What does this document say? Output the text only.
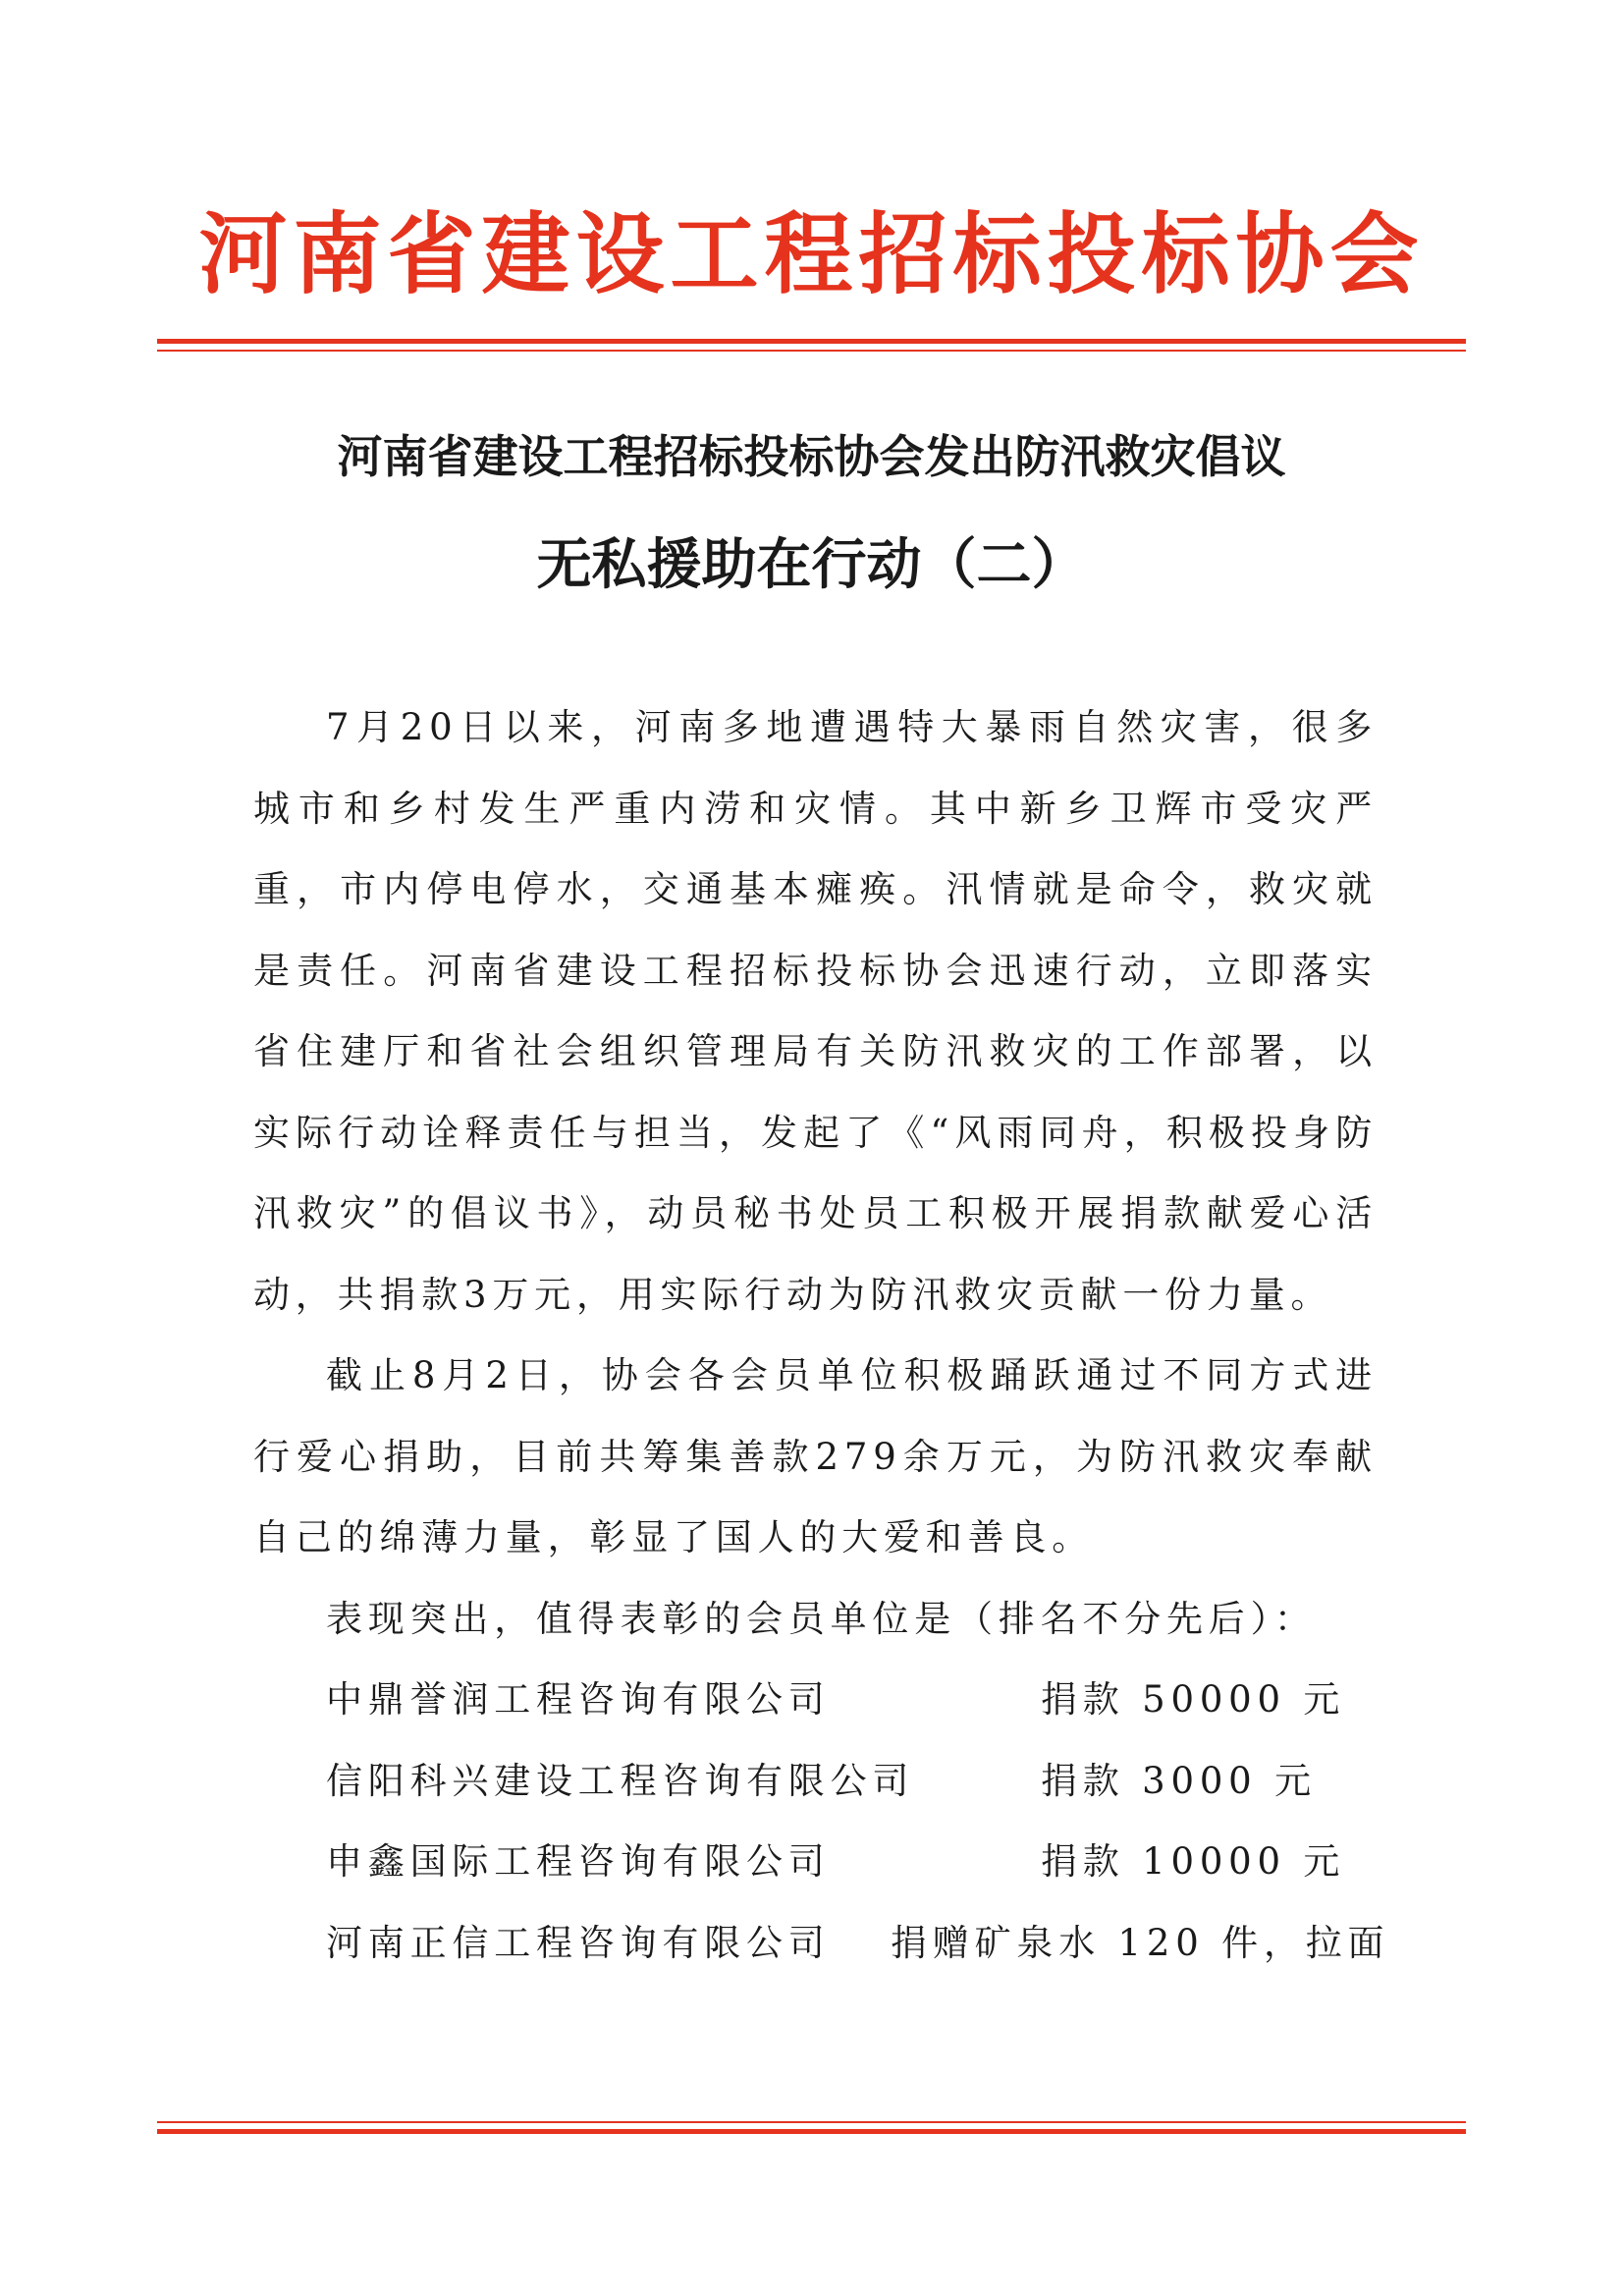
河南省建设工程招标投标协会
河南省建设工程招标投标协会发出防汛救灾倡议
无私援助在行动（二）

7月20日以来，河南多地遭遇特大暴雨自然灾害，很多城市和乡村发生严重内涝和灾情。其中新乡卫辉市受灾严重，市内停电停水，交通基本瘫痪。汛情就是命令，救灾就是责任。河南省建设工程招标投标协会迅速行动，立即落实省住建厅和省社会组织管理局有关防汛救灾的工作部署，以实际行动诠释责任与担当，发起了《“风雨同舟，积极投身防汛救灾”的倡议书》，动员秘书处员工积极开展捐款献爱心活动，共捐款3万元，用实际行动为防汛救灾贡献一份力量。

截止8月2日，协会各会员单位积极踊跃通过不同方式进行爱心捐助，目前共筹集善款279余万元，为防汛救灾奉献自己的绵薄力量，彰显了国人的大爱和善良。

表现突出，值得表彰的会员单位是（排名不分先后）：

中鼎誉润工程咨询有限公司	捐款 50000 元
信阳科兴建设工程咨询有限公司	捐款 3000 元
申鑫国际工程咨询有限公司	捐款 10000 元
河南正信工程咨询有限公司	捐赠矿泉水 120 件，拉面
